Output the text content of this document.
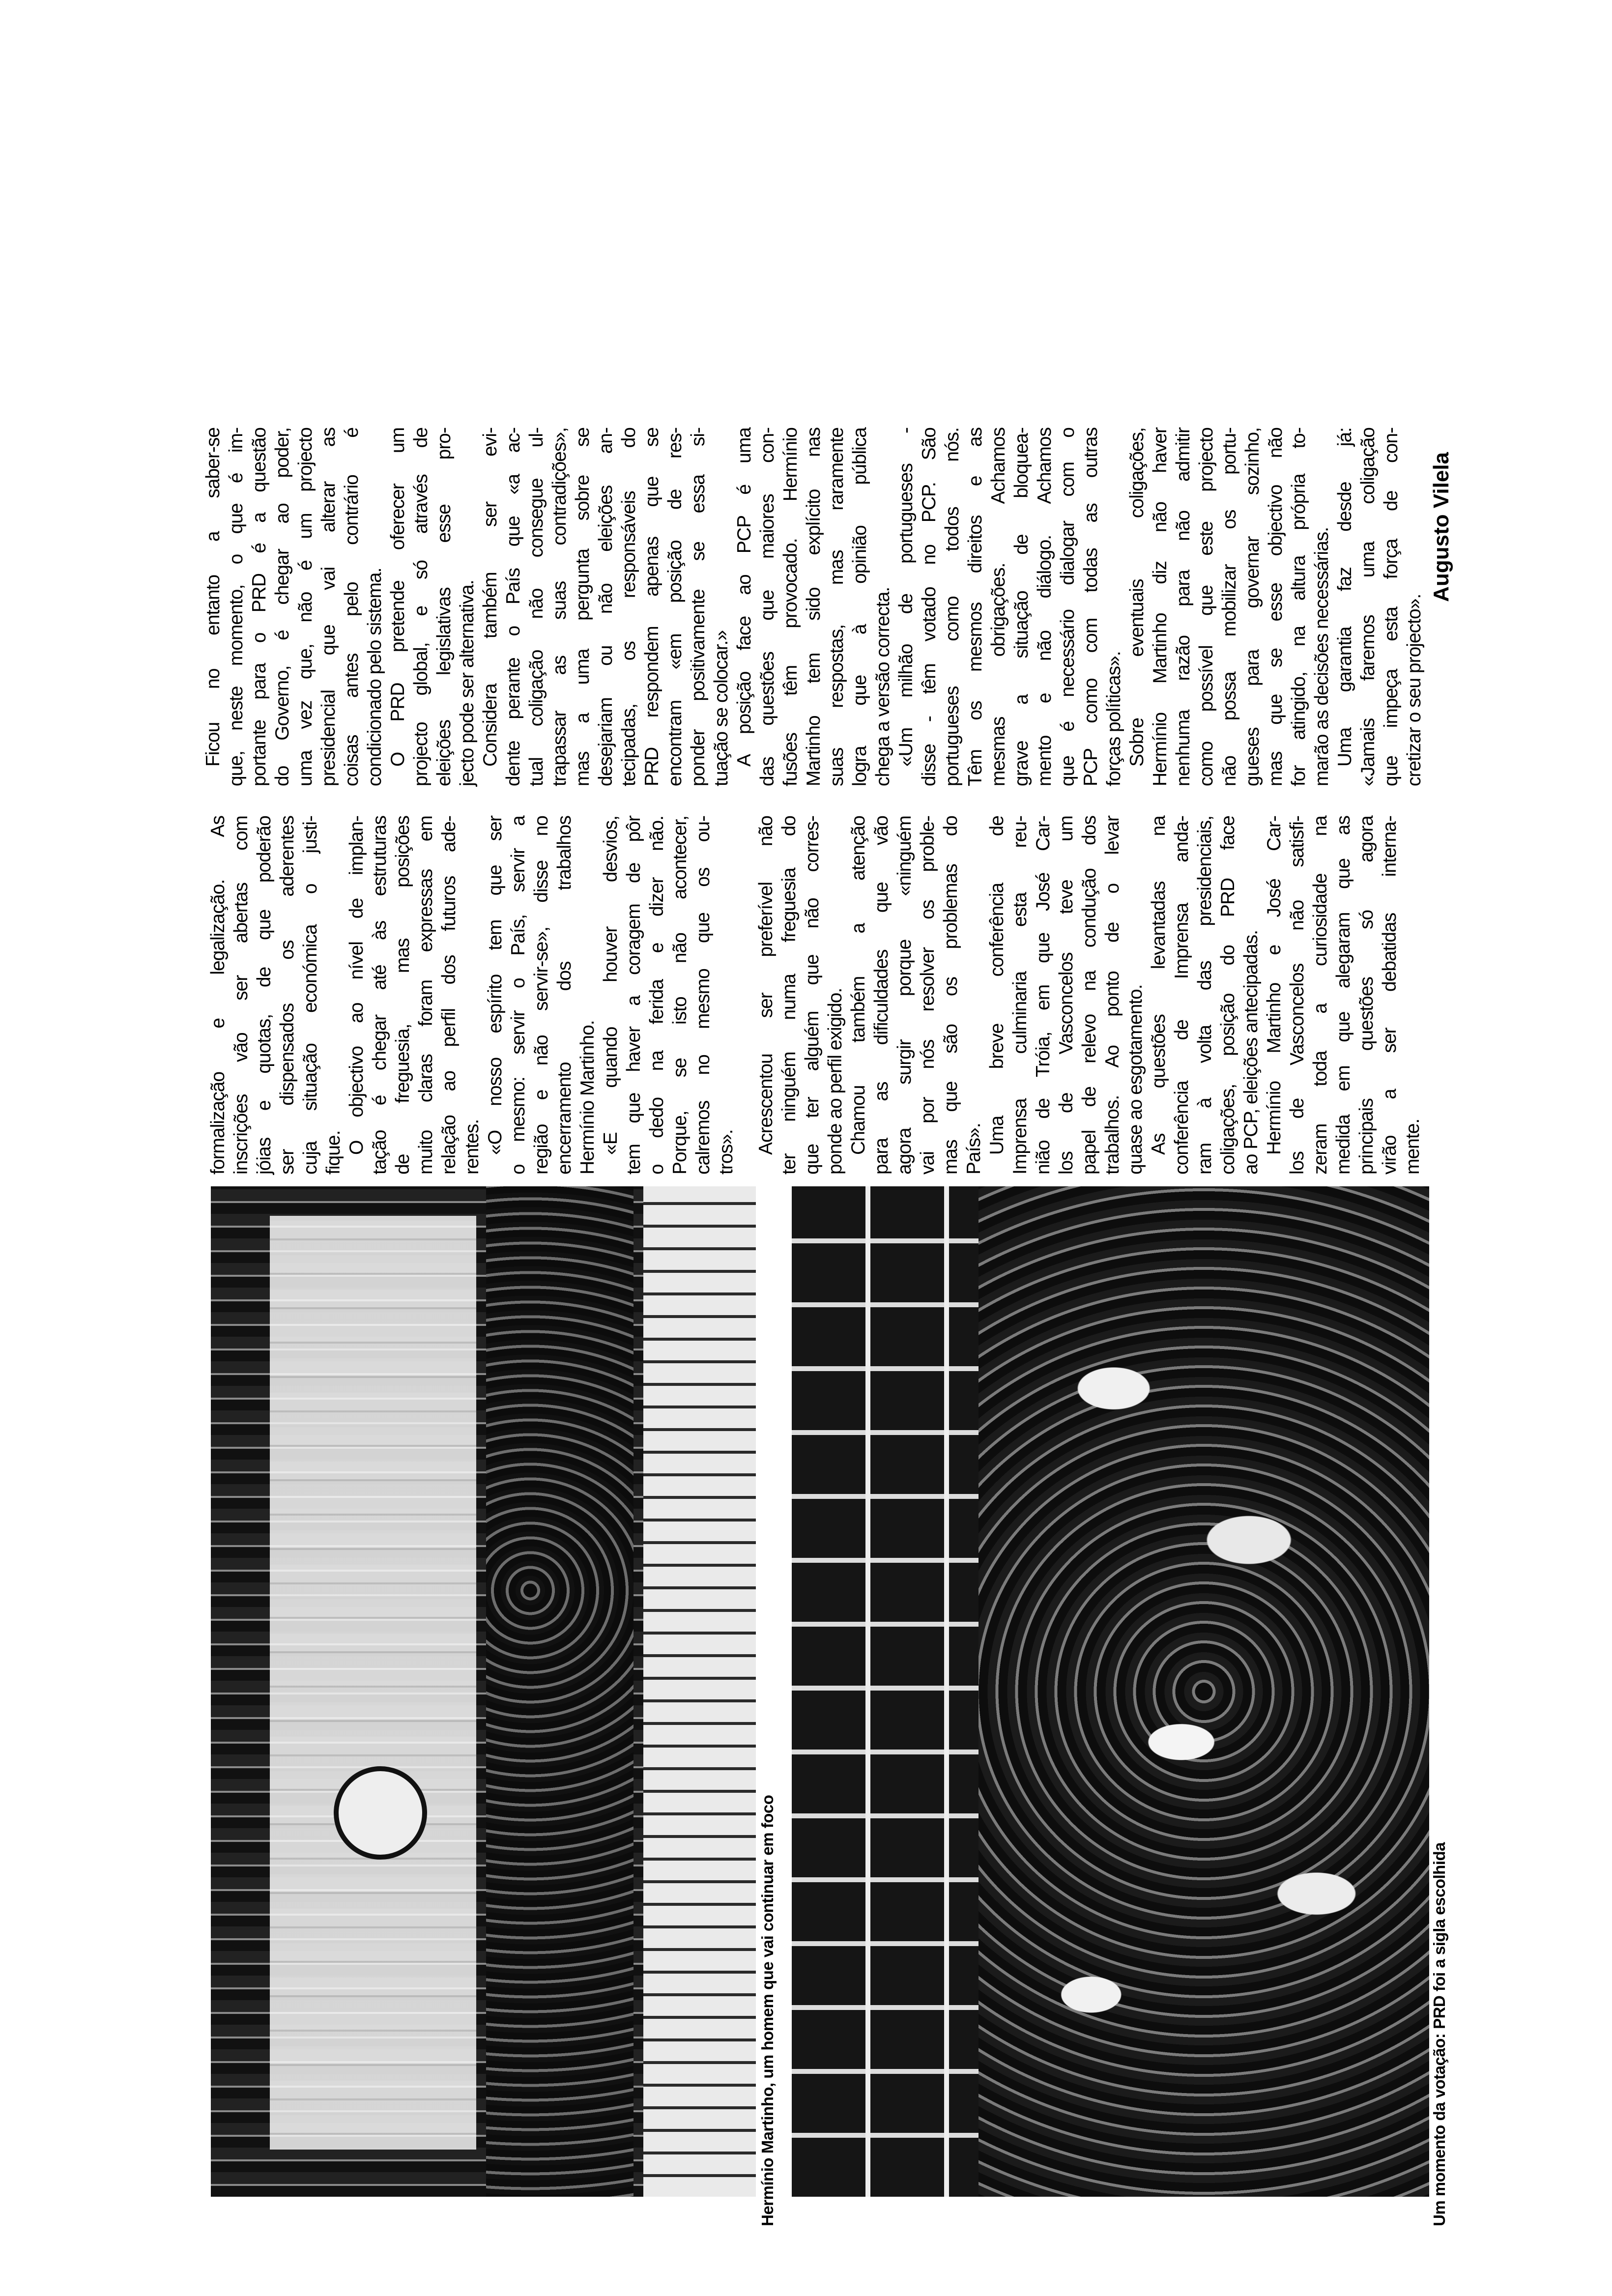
Hermínio Martinho, um homem que vai continuar em foco	Um momento da votação: PRD foi a sigla escolhida
formalização e legalização. As inscrições vão ser abertas com jóias e quotas, de que poderão ser dispensados os aderentes cuja situação económica o justi- fique. O objectivo ao nível de implan- tação é chegar até às estruturas de freguesia, mas posições muito claras foram expressas em relação ao perfil dos futuros ade- rentes. «O nosso espírito tem que ser o mesmo: servir o País, servir a região e não servir-se», disse no encerramento dos trabalhos Hermínio Martinho. «E quando houver desvios, tem que haver a coragem de pôr o dedo na ferida e dizer não. Porque, se isto não acontecer, calremos no mesmo que os ou- tros». Acrescentou ser preferível não ter ninguém numa freguesia do que ter alguém que não corres- ponde ao perfil exigido. Chamou também a atenção para as dificuldades que vão agora surgir porque «ninguém vai por nós resolver os proble- mas que são os problemas do País». Uma breve conferência de Imprensa culminaria esta reu- nião de Tróia, em que José Car- los de Vasconcelos teve um papel de relevo na condução dos trabalhos. Ao ponto de o levar quase ao esgotamento. As questões levantadas na conferência de Imprensa anda- ram à volta das presidenciais, coligações, posição do PRD face ao PCP, eleições antecipadas. Hermínio Martinho e José Car- los de Vasconcelos não satisfi- zeram toda a curiosidade na medida em que alegaram que as principais questões só agora virão a ser debatidas interna- mente.
Ficou no entanto a saber-se que, neste momento, o que é im- portante para o PRD é a questão do Governo, é chegar ao poder, uma vez que, não é um projecto presidencial que vai alterar as coisas antes pelo contrário é condicionado pelo sistema. O PRD pretende oferecer um projecto global, e só através de eleições legislativas esse pro- jecto pode ser alternativa. Considera também ser evi- dente perante o País que «a ac- tual coligação não consegue ul- trapassar as suas contradições», mas a uma pergunta sobre se desejariam ou não eleições an- tecipadas, os responsáveis do PRD respondem apenas que se encontram «em posição de res- ponder positivamente se essa si- tuação se colocar.» A posição face ao PCP é uma das questões que maiores con- fusões têm provocado. Hermínio Martinho tem sido explícito nas suas respostas, mas raramente logra que à opinião pública chega a versão correcta. «Um milhão de portugueses - disse - têm votado no PCP. São portugueses como todos nós. Têm os mesmos direitos e as mesmas obrigações. Achamos grave a situação de bloquea- mento e não diálogo. Achamos que é necessário dialogar com o PCP como com todas as outras forças políticas». Sobre eventuais coligações, Hermínio Martinho diz não haver nenhuma razão para não admitir como possível que este projecto não possa mobilizar os portu- gueses para governar sozinho, mas que se esse objectivo não for atingido, na altura própria to- marão as decisões necessárias. Uma garantia faz desde já: «Jamais faremos uma coligação que impeça esta força de con- cretizar o seu projecto».
Augusto Vilela
